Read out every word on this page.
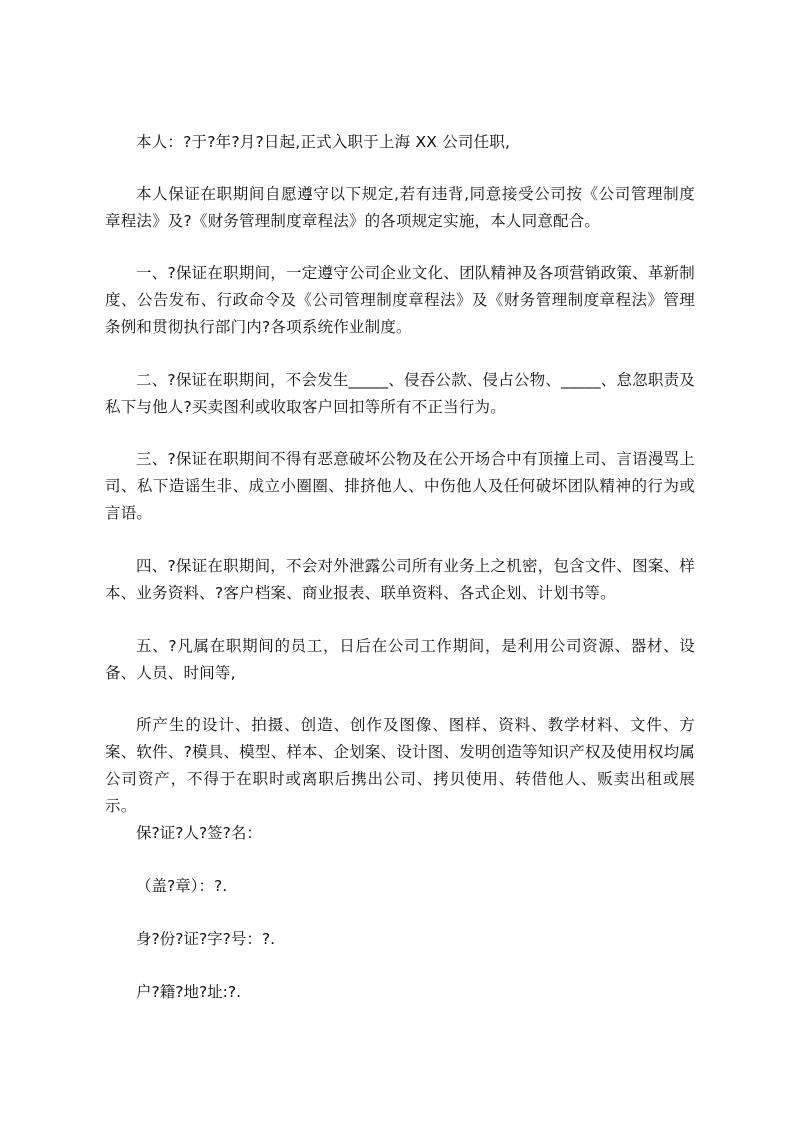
本人：?于?年?月?日起,正式入职于上海 XX 公司任职,

本人保证在职期间自愿遵守以下规定,若有违背,同意接受公司按《公司管理制度章程法》及?《财务管理制度章程法》的各项规定实施，本人同意配合。

一、?保证在职期间，一定遵守公司企业文化、团队精神及各项营销政策、革新制度、公告发布、行政命令及《公司管理制度章程法》及《财务管理制度章程法》管理条例和贯彻执行部门内?各项系统作业制度。

二、?保证在职期间，不会发生_____、侵吞公款、侵占公物、_____、怠忽职责及私下与他人?买卖图利或收取客户回扣等所有不正当行为。

三、?保证在职期间不得有恶意破坏公物及在公开场合中有顶撞上司、言语漫骂上司、私下造谣生非、成立小圈圈、排挤他人、中伤他人及任何破坏团队精神的行为或言语。

四、?保证在职期间，不会对外泄露公司所有业务上之机密，包含文件、图案、样本、业务资料、?客户档案、商业报表、联单资料、各式企划、计划书等。

五、?凡属在职期间的员工，日后在公司工作期间，是利用公司资源、器材、设备、人员、时间等,

所产生的设计、拍摄、创造、创作及图像、图样、资料、教学材料、文件、方案、软件、?模具、模型、样本、企划案、设计图、发明创造等知识产权及使用权均属公司资产，不得于在职时或离职后携出公司、拷贝使用、转借他人、贩卖出租或展示。

保?证?人?签?名：

（盖?章）：?.

身?份?证?字?号：?.

户?籍?地?址:?.
